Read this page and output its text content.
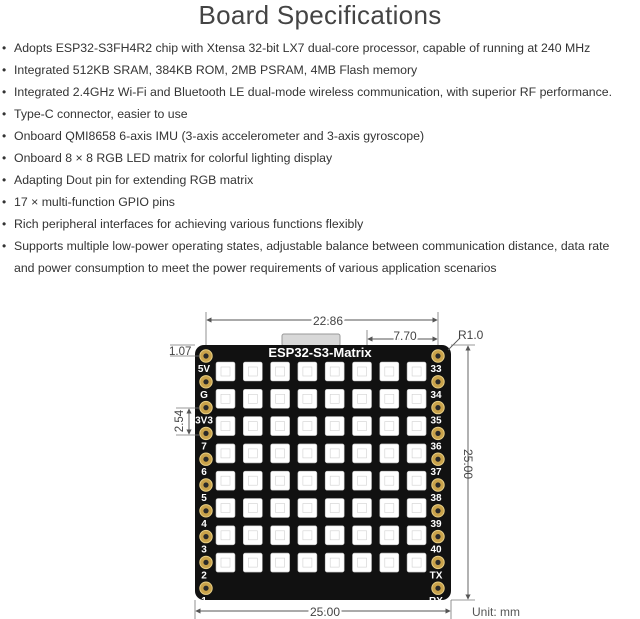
Board Specifications
• Adopts ESP32-S3FH4R2 chip with Xtensa 32-bit LX7 dual-core processor, capable of running at 240 MHz
• Integrated 512KB SRAM, 384KB ROM, 2MB PSRAM, 4MB Flash memory
• Integrated 2.4GHz Wi-Fi and Bluetooth LE dual-mode wireless communication, with superior RF performance.
• Type-C connector, easier to use
• Onboard QMI8658 6-axis IMU (3-axis accelerometer and 3-axis gyroscope)
• Onboard 8 × 8 RGB LED matrix for colorful lighting display
• Adapting Dout pin for extending RGB matrix
• 17 × multi-function GPIO pins
• Rich peripheral interfaces for achieving various functions flexibly
• Supports multiple low-power operating states, adjustable balance between communication distance, data rate
and power consumption to meet the power requirements of various application scenarios
ESP32-S3-Matrix
5V
G
3V3
7
6
5
4
3
2
1
33
34
35
36
37
38
39
40
TX
RX
22.86
7.70	R1.0
1.07
2.54
25.00
25.00	Unit: mm
